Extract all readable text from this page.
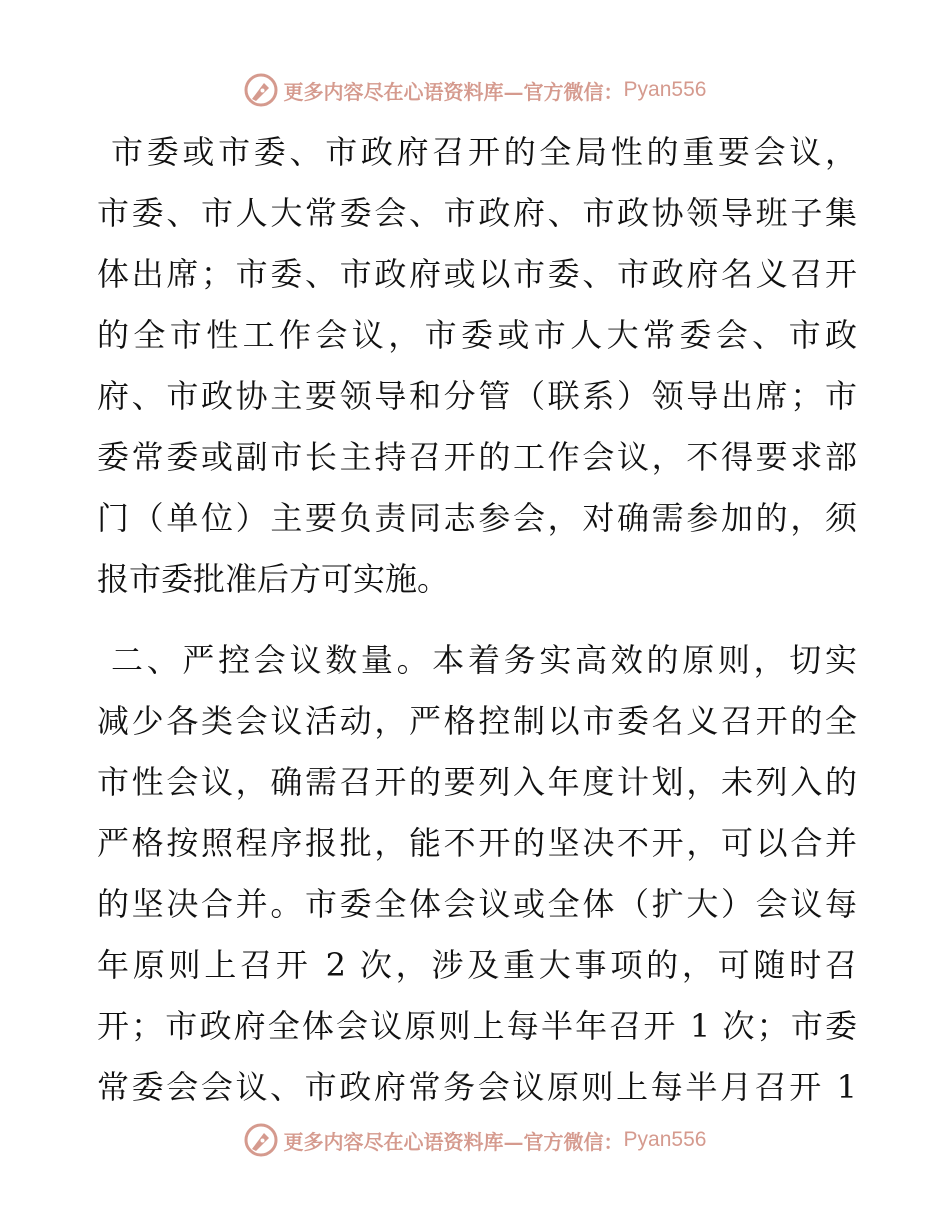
更多内容尽在心语资料库 —官方微信： Pyan556
市委或市委、市政府召开的全局性的重要会议，
市委、市人大常委会、市政府、市政协领导班子集
体出席；市委、市政府或以市委、市政府名义召开
的全市性工作会议，市委或市人大常委会、市政
府、市政协主要领导和分管（联系）领导出席；市
委常委或副市长主持召开的工作会议，不得要求部
门（单位）主要负责同志参会，对确需参加的，须
报市委批准后方可实施。
二、严控会议数量。本着务实高效的原则，切实
减少各类会议活动，严格控制以市委名义召开的全
市性会议，确需召开的要列入年度计划，未列入的
严格按照程序报批，能不开的坚决不开，可以合并
的坚决合并。市委全体会议或全体（扩大）会议每
年原则上召开 2 次，涉及重大事项的，可随时召
开；市政府全体会议原则上每半年召开 1 次；市委
常委会会议、市政府常务会议原则上每半月召开 1
更多内容尽在心语资料库 —官方微信： Pyan556
